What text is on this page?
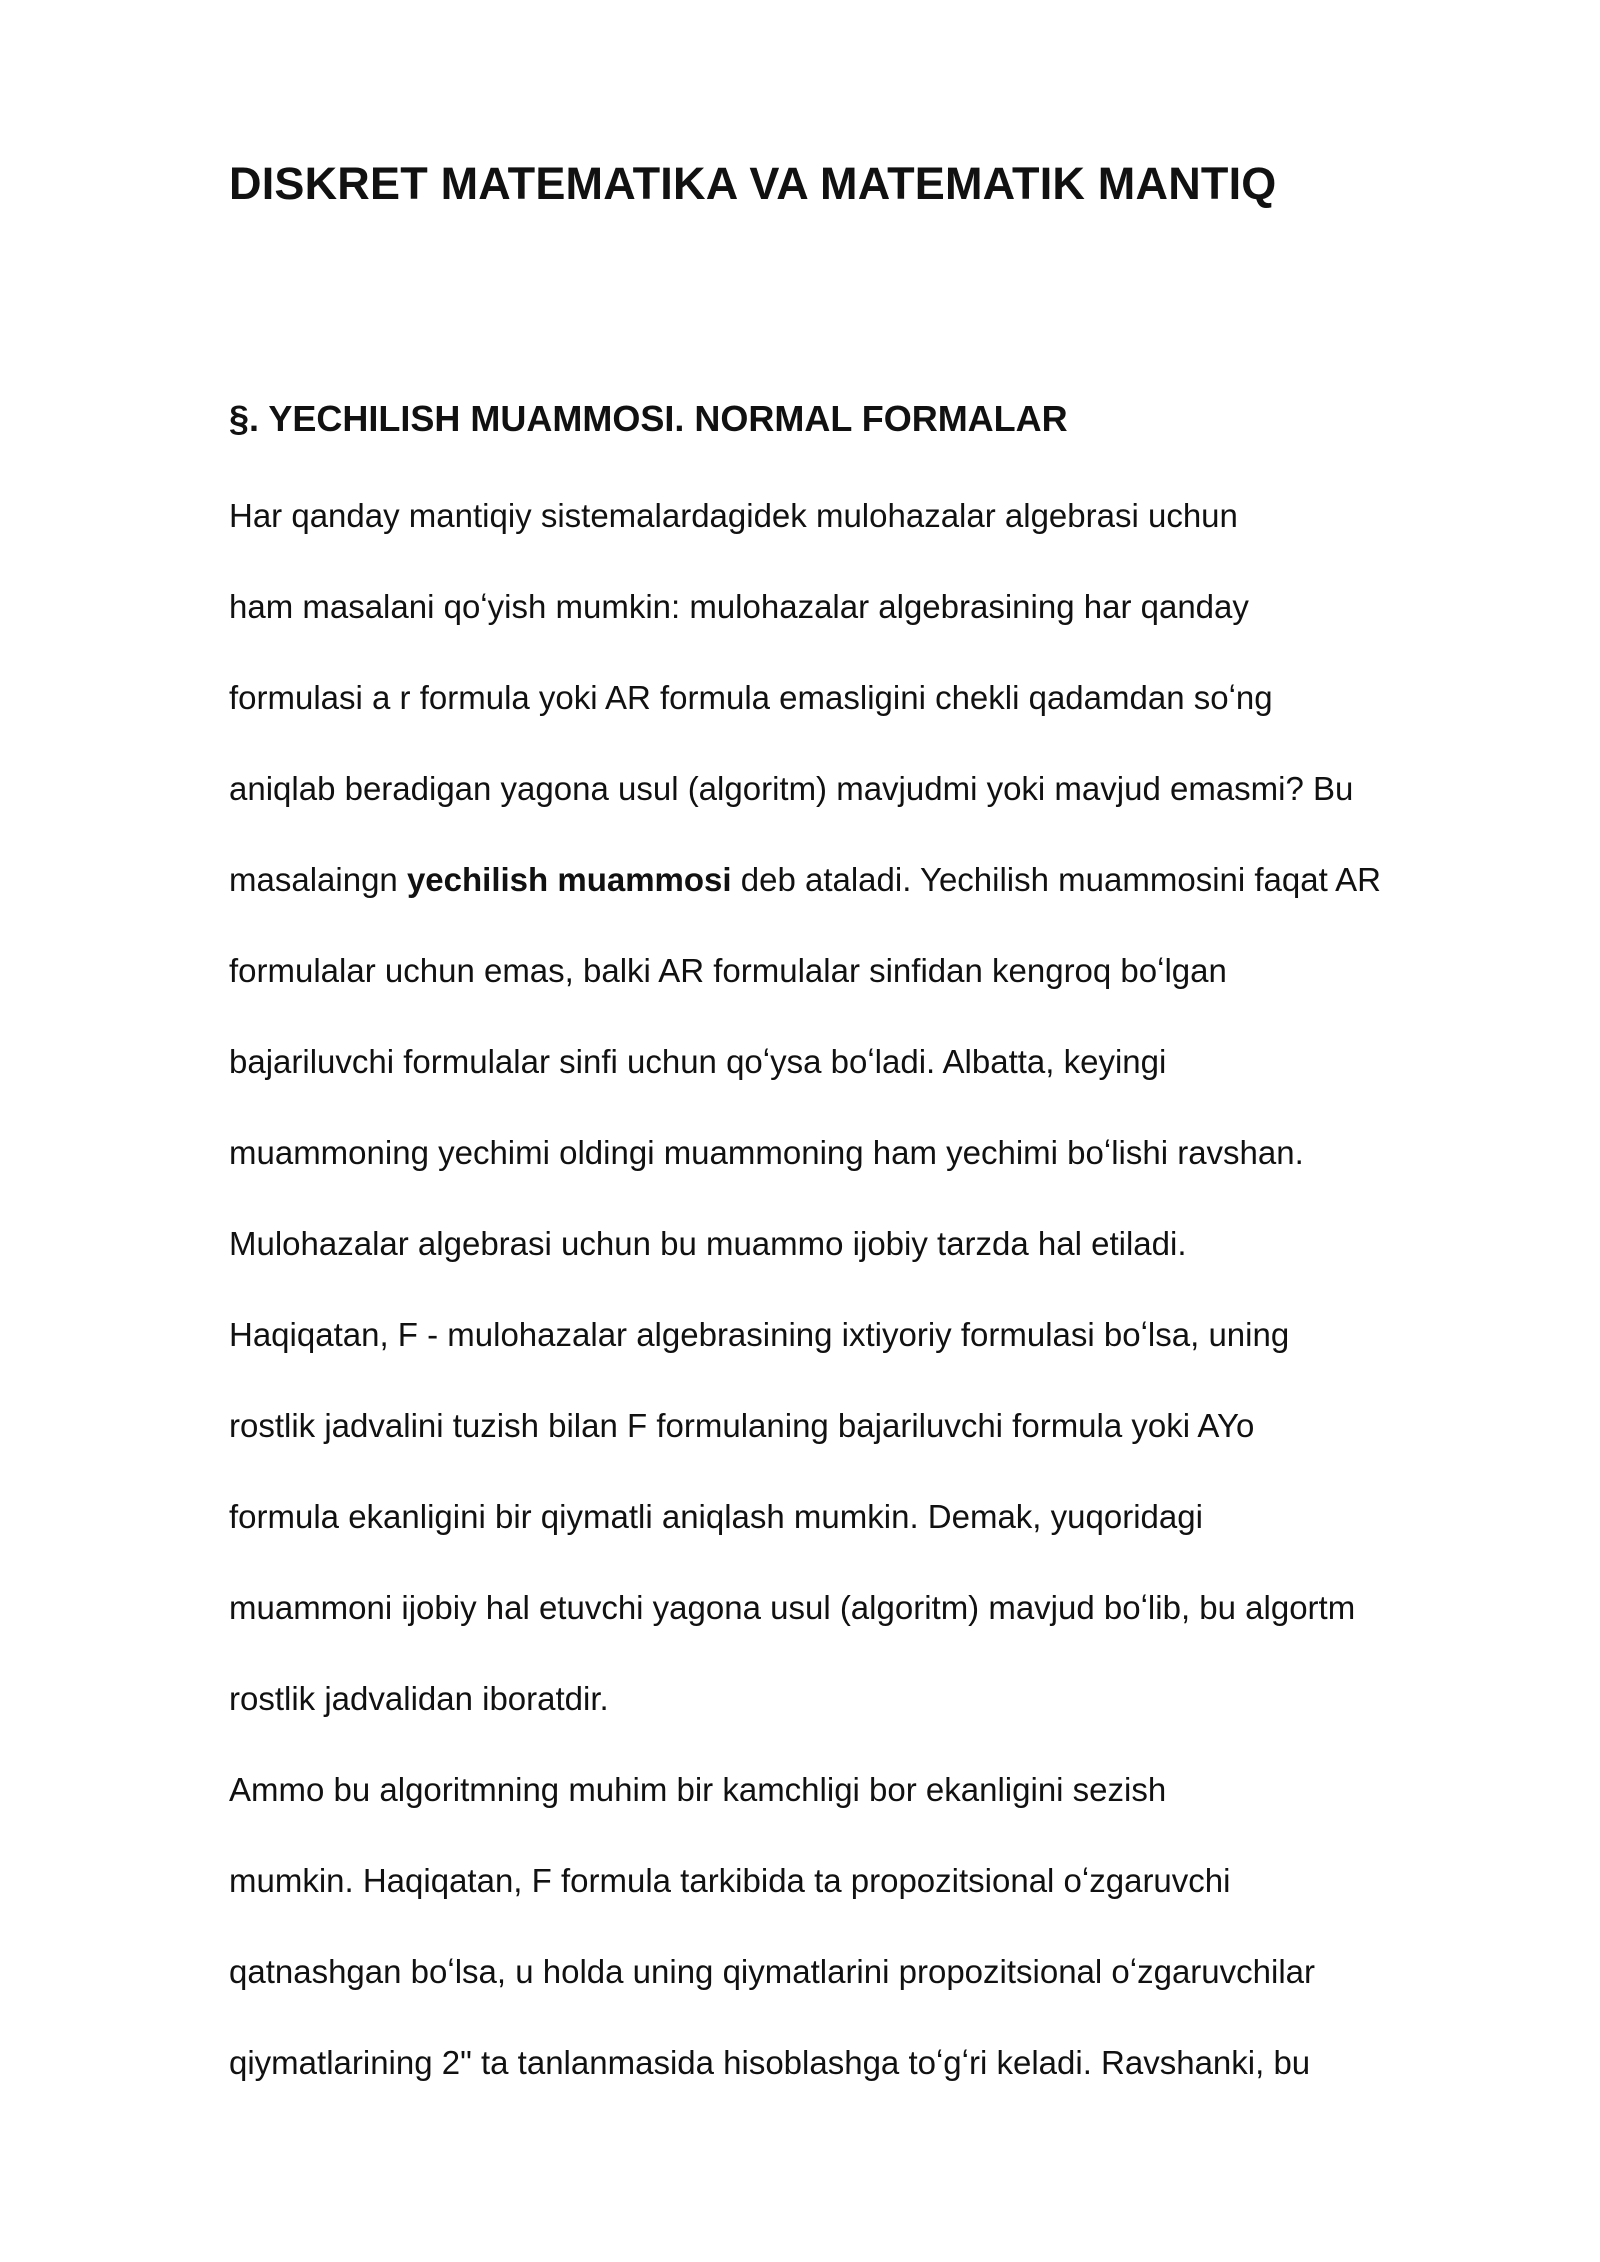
DISKRET MATEMATIKA VA MATEMATIK MANTIQ
§. YECHILISH MUAMMOSI. NORMAL FORMALAR

Har qanday mantiqiy sistemalardagidek mulohazalar algebrasi uchun

ham masalani qoʻyish mumkin: mulohazalar algebrasining har qanday

formulasi a r formula yoki AR formula emasligini chekli qadamdan soʻng

aniqlab beradigan yagona usul (algoritm) mavjudmi yoki mavjud emasmi? Bu

masalaingn yechilish muammosi deb ataladi. Yechilish muammosini faqat AR

formulalar uchun emas, balki AR formulalar sinfidan kengroq boʻlgan

bajariluvchi formulalar sinfi uchun qoʻysa boʻladi. Albatta, keyingi

muammoning yechimi oldingi muammoning ham yechimi boʻlishi ravshan.

Mulohazalar algebrasi uchun bu muammo ijobiy tarzda hal etiladi.

Haqiqatan, F - mulohazalar algebrasining ixtiyoriy formulasi boʻlsa, uning

rostlik jadvalini tuzish bilan F formulaning bajariluvchi formula yoki AYo

formula ekanligini bir qiymatli aniqlash mumkin. Demak, yuqoridagi

muammoni ijobiy hal etuvchi yagona usul (algoritm) mavjud boʻlib, bu algortm

rostlik jadvalidan iboratdir.

Ammo bu algoritmning muhim bir kamchligi bor ekanligini sezish

mumkin. Haqiqatan, F formula tarkibida ta propozitsional oʻzgaruvchi

qatnashgan boʻlsa, u holda uning qiymatlarini propozitsional oʻzgaruvchilar

qiymatlarining 2" ta tanlanmasida hisoblashga toʻgʻri keladi. Ravshanki, bu
